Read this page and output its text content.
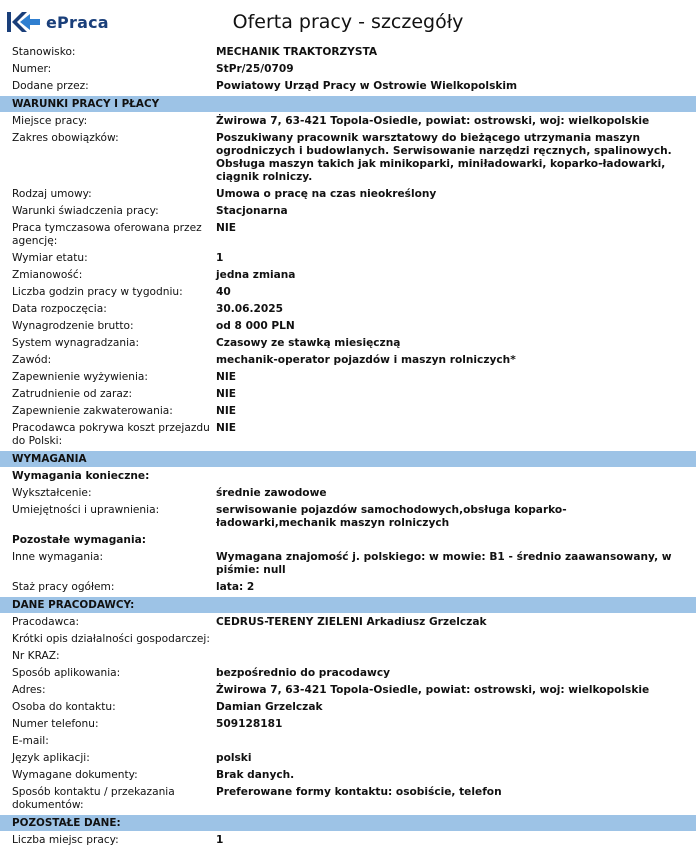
ePraca	Oferta pracy - szczegóły
Stanowisko:	MECHANIK TRAKTORZYSTA
Numer:	StPr/25/0709
Dodane przez:	Powiatowy Urząd Pracy w Ostrowie Wielkopolskim
WARUNKI PRACY I PŁACY
Miejsce pracy:	Żwirowa 7, 63-421 Topola-Osiedle, powiat: ostrowski, woj: wielkopolskie
Zakres obowiązków:	Poszukiwany pracownik warsztatowy do bieżącego utrzymania maszyn ogrodniczych i budowlanych. Serwisowanie narzędzi ręcznych, spalinowych. Obsługa maszyn takich jak minikoparki, miniładowarki, koparko-ładowarki, ciągnik rolniczy.
Rodzaj umowy:	Umowa o pracę na czas nieokreślony
Warunki świadczenia pracy:	Stacjonarna
Praca tymczasowa oferowana przez agencję:
NIE
Wymiar etatu:	1
Zmianowość:	jedna zmiana
Liczba godzin pracy w tygodniu:	40
Data rozpoczęcia:	30.06.2025
Wynagrodzenie brutto:	od 8 000 PLN
System wynagradzania:	Czasowy ze stawką miesięczną
Zawód:	mechanik-operator pojazdów i maszyn rolniczych*
Zapewnienie wyżywienia:	NIE
Zatrudnienie od zaraz:	NIE
Zapewnienie zakwaterowania:	NIE
Pracodawca pokrywa koszt przejazdu do Polski:
NIE
WYMAGANIA
Wymagania konieczne:
Wykształcenie:	średnie zawodowe
Umiejętności i uprawnienia:	serwisowanie pojazdów samochodowych,obsługa koparko-ładowarki,mechanik maszyn rolniczych
Pozostałe wymagania:
Inne wymagania:	Wymagana znajomość j. polskiego: w mowie: B1 - średnio zaawansowany, w piśmie: null
Staż pracy ogółem:	lata: 2
DANE PRACODAWCY:
Pracodawca:	CEDRUS-TERENY ZIELENI Arkadiusz Grzelczak
Krótki opis działalności gospodarczej:
Nr KRAZ:
Sposób aplikowania:	bezpośrednio do pracodawcy
Adres:	Żwirowa 7, 63-421 Topola-Osiedle, powiat: ostrowski, woj: wielkopolskie
Osoba do kontaktu:	Damian Grzelczak
Numer telefonu:	509128181
E-mail:
Język aplikacji:	polski
Wymagane dokumenty:	Brak danych.
Sposób kontaktu / przekazania dokumentów:
Preferowane formy kontaktu: osobiście, telefon
POZOSTAŁE DANE:
Liczba miejsc pracy:	1
